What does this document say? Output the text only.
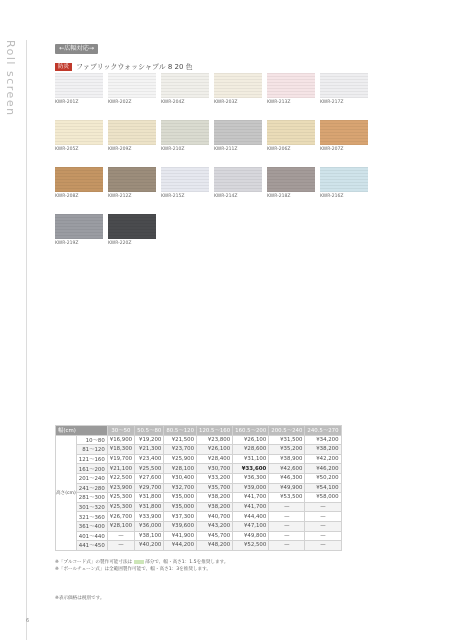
Roll screen	←広幅対応→
防炎	ファブリックウォッシャブル 8 20 色
KWR-201Z	KWR-202Z	KWR-204Z	KWR-203Z	KWR-213Z	KWR-217Z
KWR-205Z	KWR-209Z	KWR-210Z	KWR-211Z	KWR-206Z	KWR-207Z
KWR-208Z	KWR-212Z	KWR-215Z	KWR-214Z	KWR-218Z	KWR-216Z
KWR-219Z	KWR-220Z
幅(cm)		30〜50	50.5〜80	80.5〜120	120.5〜160	160.5〜200	200.5〜240	240.5〜270
高さ(cm)	10〜80	¥16,900	¥19,200	¥21,500	¥23,800	¥26,100	¥31,500	¥34,200
	81〜120	¥18,300	¥21,300	¥23,700	¥26,100	¥28,600	¥35,200	¥38,200
	121〜160	¥19,700	¥23,400	¥25,900	¥28,400	¥31,100	¥38,900	¥42,200
	161〜200	¥21,100	¥25,500	¥28,100	¥30,700	¥33,600	¥42,600	¥46,200
	201〜240	¥22,500	¥27,600	¥30,400	¥33,200	¥36,300	¥46,300	¥50,200
	241〜280	¥23,900	¥29,700	¥32,700	¥35,700	¥39,000	¥49,900	¥54,100
	281〜300	¥25,300	¥31,800	¥35,000	¥38,200	¥41,700	¥53,500	¥58,000
	301〜320	¥25,300	¥31,800	¥35,000	¥38,200	¥41,700	—	—
	321〜360	¥26,700	¥33,900	¥37,300	¥40,700	¥44,400	—	—
	361〜400	¥28,100	¥36,000	¥39,600	¥43,200	¥47,100	—	—
	401〜440	—	¥38,100	¥41,900	¥45,700	¥49,800	—	—
	441〜450	—	¥40,200	¥44,200	¥48,200	¥52,500	—	—
※「プルコード式」の製作可能寸法は	部分で、幅・高さ1：1.5を推奨します。
※「ボールチェーン式」は全範囲製作可能で、幅・高さ1：3を推奨します。
※表示価格は税別です。
6
